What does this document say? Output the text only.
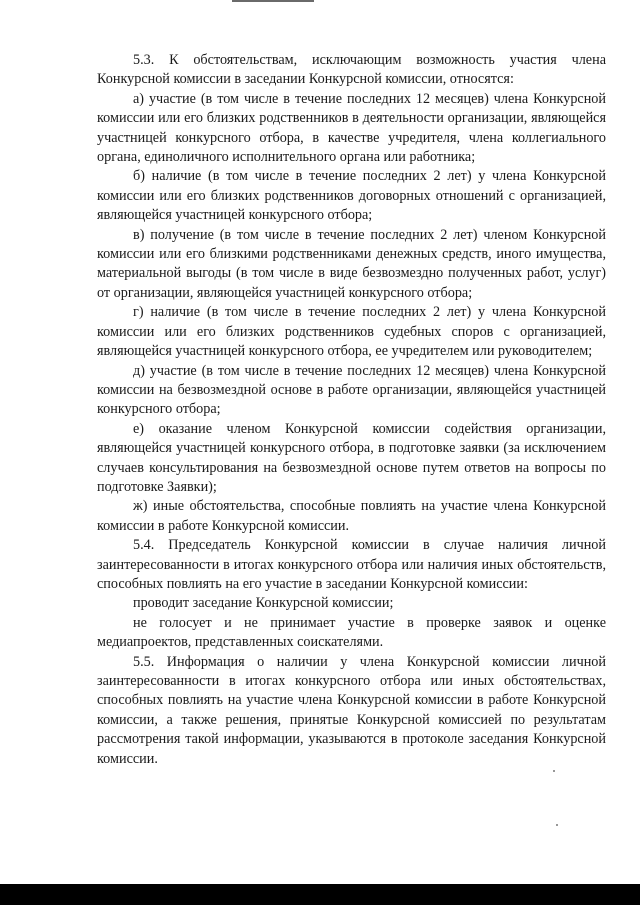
5.3. К обстоятельствам, исключающим возможность участия члена Конкурсной комиссии в заседании Конкурсной комиссии, относятся:

а) участие (в том числе в течение последних 12 месяцев) члена Конкурсной комиссии или его близких родственников в деятельности организации, являющейся участницей конкурсного отбора, в качестве учредителя, члена коллегиального органа, единоличного исполнительного органа или работника;

б) наличие (в том числе в течение последних 2 лет) у члена Конкурсной комиссии или его близких родственников договорных отношений с организацией, являющейся участницей конкурсного отбора;

в) получение (в том числе в течение последних 2 лет) членом Конкурсной комиссии или его близкими родственниками денежных средств, иного имущества, материальной выгоды (в том числе в виде безвозмездно полученных работ, услуг) от организации, являющейся участницей конкурсного отбора;

г) наличие (в том числе в течение последних 2 лет) у члена Конкурсной комиссии или его близких родственников судебных споров с организацией, являющейся участницей конкурсного отбора, ее учредителем или руководителем;

д) участие (в том числе в течение последних 12 месяцев) члена Конкурсной комиссии на безвозмездной основе в работе организации, являющейся участницей конкурсного отбора;

е) оказание членом Конкурсной комиссии содействия организации, являющейся участницей конкурсного отбора, в подготовке заявки (за исключением случаев консультирования на безвозмездной основе путем ответов на вопросы по подготовке Заявки);

ж) иные обстоятельства, способные повлиять на участие члена Конкурсной комиссии в работе Конкурсной комиссии.

5.4. Председатель Конкурсной комиссии в случае наличия личной заинтересованности в итогах конкурсного отбора или наличия иных обстоятельств, способных повлиять на его участие в заседании Конкурсной комиссии:

проводит заседание Конкурсной комиссии;

не голосует и не принимает участие в проверке заявок и оценке медиапроектов, представленных соискателями.

5.5. Информация о наличии у члена Конкурсной комиссии личной заинтересованности в итогах конкурсного отбора или иных обстоятельствах, способных повлиять на участие члена Конкурсной комиссии в работе Конкурсной комиссии, а также решения, принятые Конкурсной комиссией по результатам рассмотрения такой информации, указываются в протоколе заседания Конкурсной комиссии.
